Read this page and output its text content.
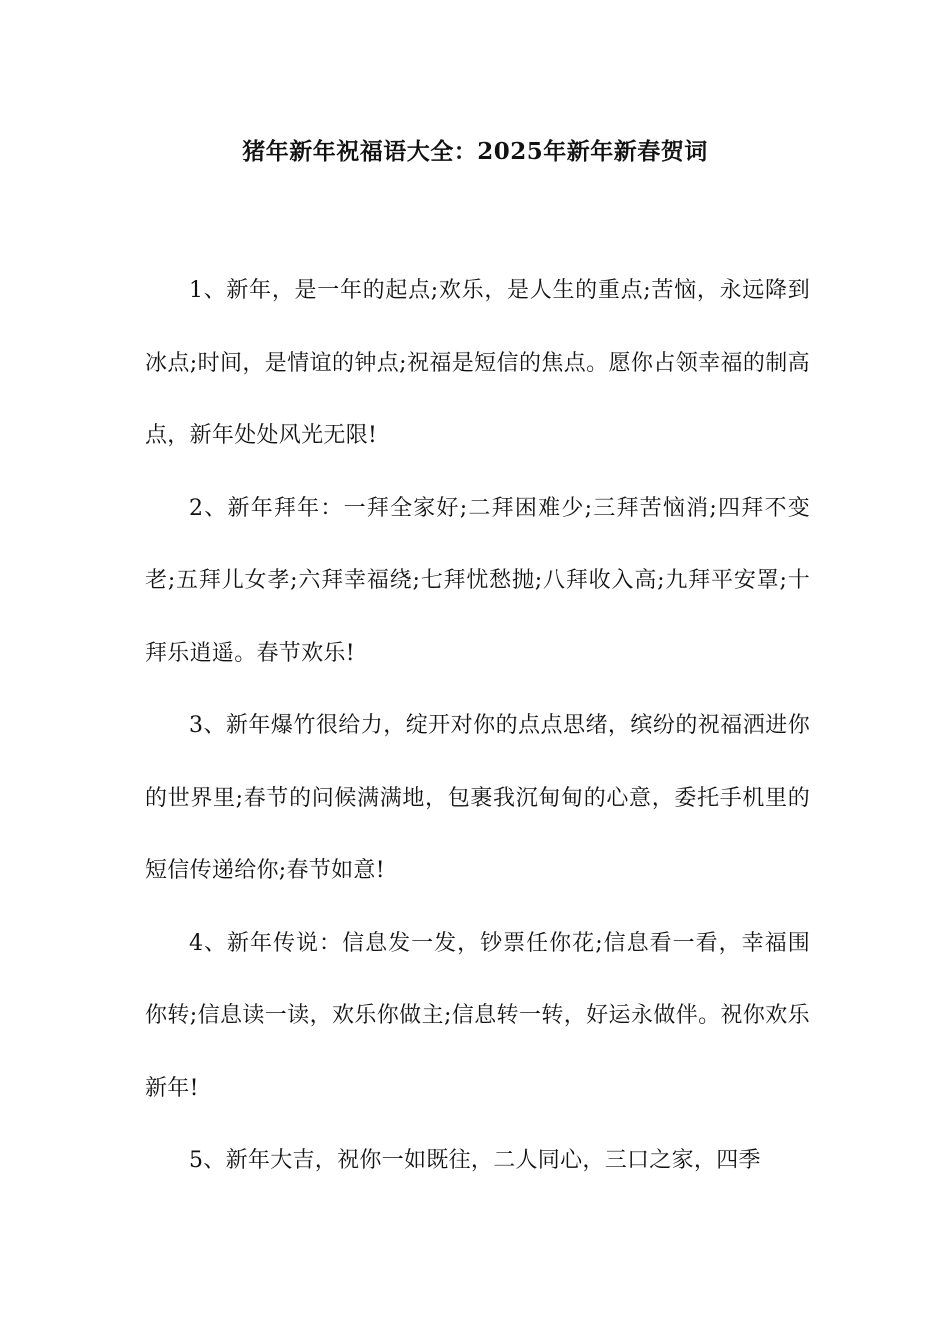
猪年新年祝福语大全：2025年新年新春贺词

1、新年，是一年的起点;欢乐，是人生的重点;苦恼，永远降到冰点;时间，是情谊的钟点;祝福是短信的焦点。愿你占领幸福的制高点，新年处处风光无限!

2、新年拜年：一拜全家好;二拜困难少;三拜苦恼消;四拜不变老;五拜儿女孝;六拜幸福绕;七拜忧愁抛;八拜收入高;九拜平安罩;十拜乐逍遥。春节欢乐!

3、新年爆竹很给力，绽开对你的点点思绪，缤纷的祝福洒进你的世界里;春节的问候满满地，包裹我沉甸甸的心意，委托手机里的短信传递给你;春节如意!

4、新年传说：信息发一发，钞票任你花;信息看一看，幸福围你转;信息读一读，欢乐你做主;信息转一转，好运永做伴。祝你欢乐新年!

5、新年大吉，祝你一如既往，二人同心，三口之家，四季
